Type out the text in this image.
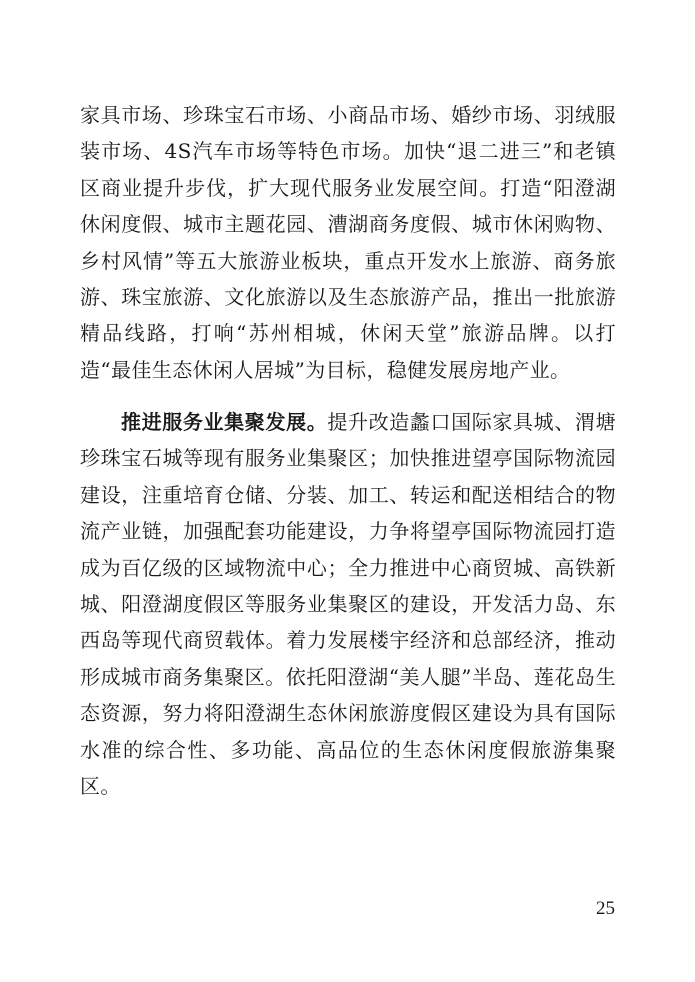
家具市场、珍珠宝石市场、小商品市场、婚纱市场、羽绒服装市场、4S汽车市场等特色市场。加快“退二进三”和老镇区商业提升步伐，扩大现代服务业发展空间。打造“阳澄湖休闲度假、城市主题花园、漕湖商务度假、城市休闲购物、乡村风情”等五大旅游业板块，重点开发水上旅游、商务旅游、珠宝旅游、文化旅游以及生态旅游产品，推出一批旅游精品线路，打响“苏州相城，休闲天堂”旅游品牌。以打造“最佳生态休闲人居城”为目标，稳健发展房地产业。

推进服务业集聚发展。提升改造蠡口国际家具城、渭塘珍珠宝石城等现有服务业集聚区；加快推进望亭国际物流园建设，注重培育仓储、分装、加工、转运和配送相结合的物流产业链，加强配套功能建设，力争将望亭国际物流园打造成为百亿级的区域物流中心；全力推进中心商贸城、高铁新城、阳澄湖度假区等服务业集聚区的建设，开发活力岛、东西岛等现代商贸载体。着力发展楼宇经济和总部经济，推动形成城市商务集聚区。依托阳澄湖“美人腿”半岛、莲花岛生态资源，努力将阳澄湖生态休闲旅游度假区建设为具有国际水准的综合性、多功能、高品位的生态休闲度假旅游集聚区。

25
